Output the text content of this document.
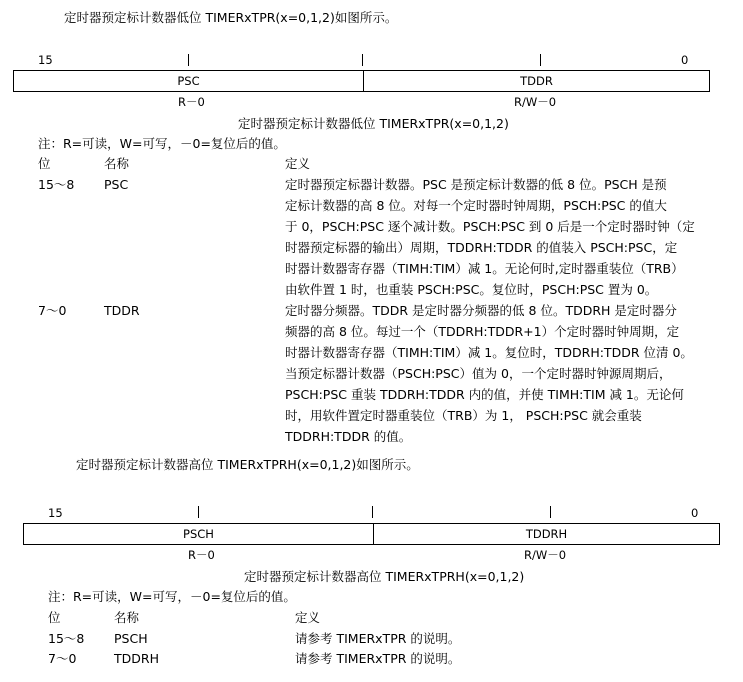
定时器预定标计数器低位 TIMERxTPR(x=0,1,2)如图所示。
15	0
PSC	TDDR
R－0	R/W－0
定时器预定标计数器低位 TIMERxTPR(x=0,1,2)
注：R=可读，W=可写，－0=复位后的值。
位	名称	定义
15～8 PSC	定时器预定标器计数器。PSC 是预定标计数器的低 8 位。PSCH 是预
定标计数器的高 8 位。对每一个定时器时钟周期，PSCH:PSC 的值大
于 0，PSCH:PSC 逐个减计数。PSCH:PSC 到 0 后是一个定时器时钟（定
时器预定标器的输出）周期，TDDRH:TDDR 的值装入 PSCH:PSC，定
时器计数器寄存器（TIMH:TIM）减 1。无论何时,定时器重装位（TRB）
由软件置 1 时，也重装 PSCH:PSC。复位时，PSCH:PSC 置为 0。
7～0	TDDR	定时器分频器。TDDR 是定时器分频器的低 8 位。TDDRH 是定时器分
频器的高 8 位。每过一个（TDDRH:TDDR+1）个定时器时钟周期，定
时器计数器寄存器（TIMH:TIM）减 1。复位时，TDDRH:TDDR 位清 0。
当预定标器计数器（PSCH:PSC）值为 0，一个定时器时钟源周期后，
PSCH:PSC 重装 TDDRH:TDDR 内的值，并使 TIMH:TIM 减 1。无论何
时，用软件置定时器重装位（TRB）为 1， PSCH:PSC 就会重装
TDDRH:TDDR 的值。
定时器预定标计数器高位 TIMERxTPRH(x=0,1,2)如图所示。
15	0
PSCH	TDDRH
R－0	R/W－0
定时器预定标计数器高位 TIMERxTPRH(x=0,1,2)
注：R=可读，W=可写，－0=复位后的值。
位	名称	定义
15～8 PSCH	请参考 TIMERxTPR 的说明。
7～0	TDDRH	请参考 TIMERxTPR 的说明。
